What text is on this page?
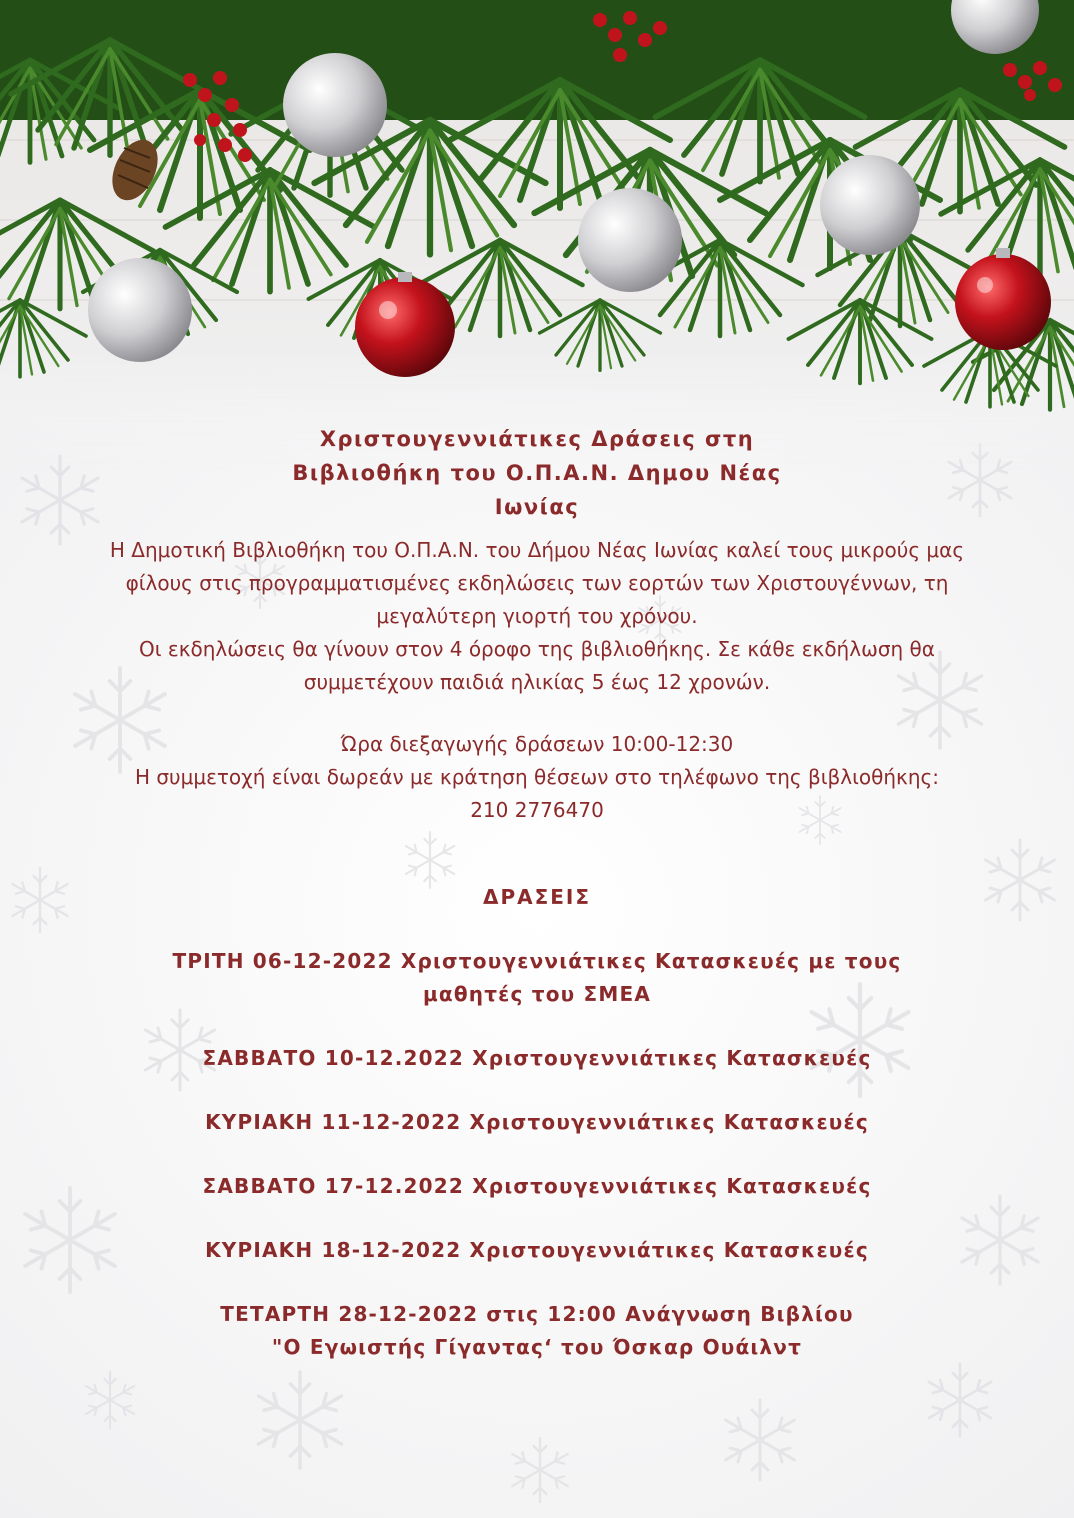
Χριστουγεννιάτικες Δράσεις στη
Βιβλιοθήκη του Ο.Π.Α.Ν. Δημου Νέας
Ιωνίας

Η Δημοτική Βιβλιοθήκη του Ο.Π.Α.Ν. του Δήμου Νέας Ιωνίας καλεί τους μικρούς μας

φίλους στις προγραμματισμένες εκδηλώσεις των εορτών των Χριστουγέννων, τη

μεγαλύτερη γιορτή του χρόνου.

Οι εκδηλώσεις θα γίνουν στον 4 όροφο της βιβλιοθήκης. Σε κάθε εκδήλωση θα

συμμετέχουν παιδιά ηλικίας 5 έως 12 χρονών.

Ώρα διεξαγωγής δράσεων 10:00-12:30

Η συμμετοχή είναι δωρεάν με κράτηση θέσεων στο τηλέφωνο της βιβλιοθήκης:

210 2776470

ΔΡΑΣΕΙΣ
ΤΡΙΤΗ 06-12-2022 Χριστουγεννιάτικες Κατασκευές με τους
μαθητές του ΣΜΕΑ
ΣΑΒΒΑΤΟ 10-12.2022 Χριστουγεννιάτικες Κατασκευές
ΚΥΡΙΑΚΗ 11-12-2022 Χριστουγεννιάτικες Κατασκευές
ΣΑΒΒΑΤΟ 17-12.2022 Χριστουγεννιάτικες Κατασκευές
ΚΥΡΙΑΚΗ 18-12-2022 Χριστουγεννιάτικες Κατασκευές
ΤΕΤΑΡΤΗ 28-12-2022 στις 12:00 Ανάγνωση Βιβλίου
"Ο Εγωιστής Γίγαντας‘ του Όσκαρ Ουάιλντ
